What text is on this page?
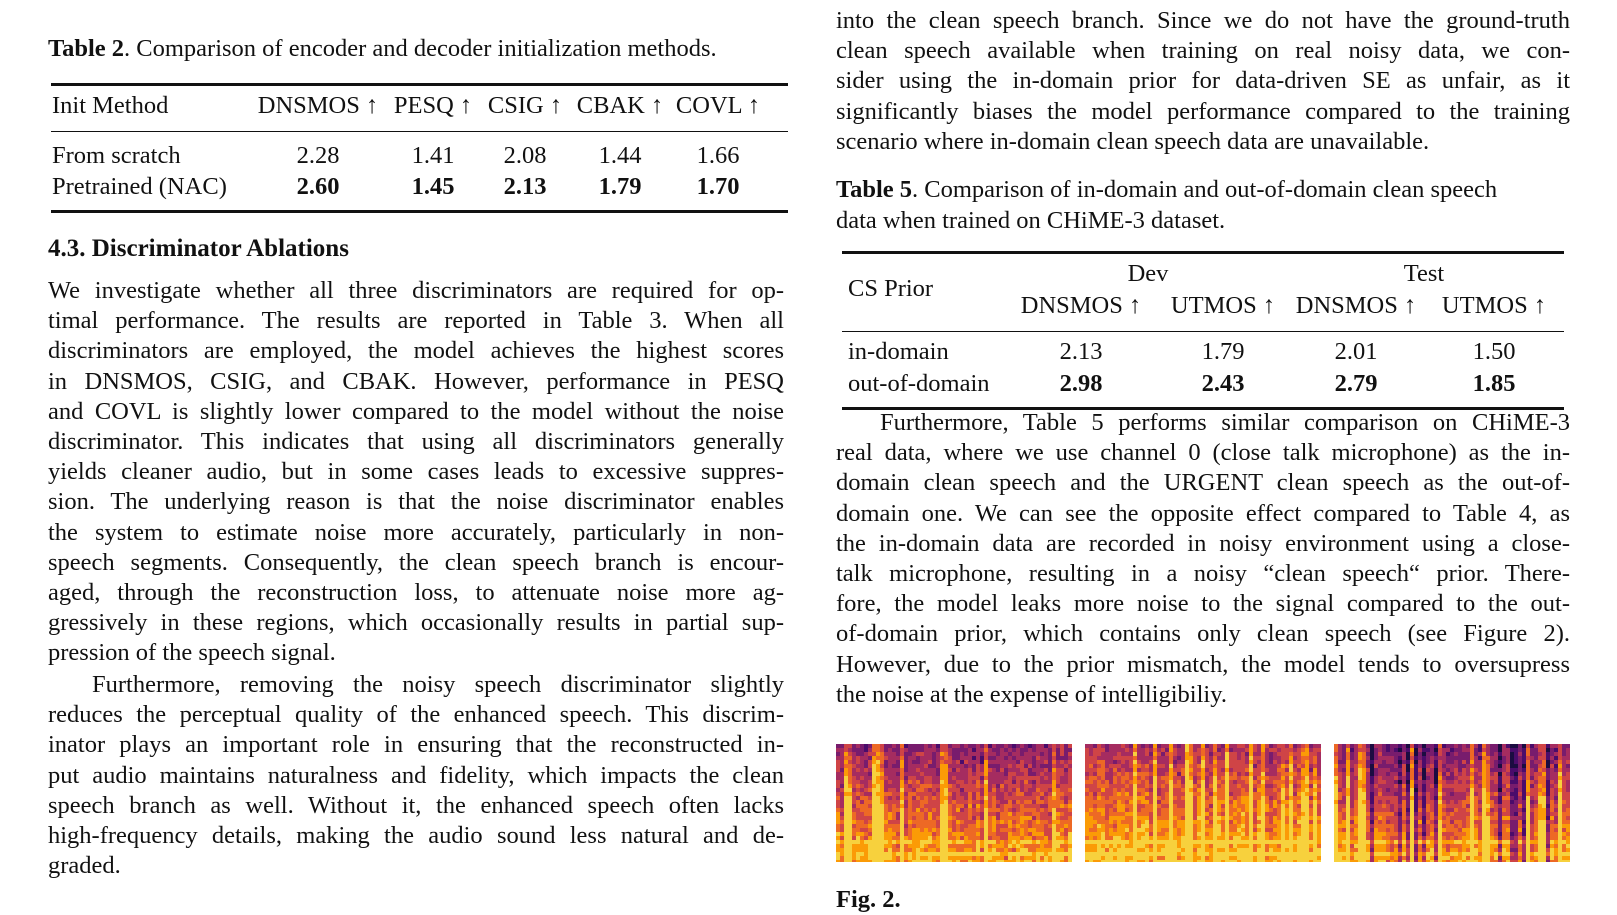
Table 2. Comparison of encoder and decoder initialization methods.
Init Method	DNSMOS ↑ PESQ ↑ CSIG ↑ CBAK ↑ COVL ↑
From scratch	2.28	1.41 2.08 1.44 1.66
Pretrained (NAC)	2.60	1.45 2.13 1.79 1.70
4.3. Discriminator Ablations
We investigate whether all three discriminators are required for op-
timal performance. The results are reported in Table 3. When all
discriminators are employed, the model achieves the highest scores
in DNSMOS, CSIG, and CBAK. However, performance in PESQ
and COVL is slightly lower compared to the model without the noise
discriminator. This indicates that using all discriminators generally
yields cleaner audio, but in some cases leads to excessive suppres-
sion. The underlying reason is that the noise discriminator enables
the system to estimate noise more accurately, particularly in non-
speech segments. Consequently, the clean speech branch is encour-
aged, through the reconstruction loss, to attenuate noise more ag-
gressively in these regions, which occasionally results in partial sup-
pression of the speech signal.
Furthermore, removing the noisy speech discriminator slightly
reduces the perceptual quality of the enhanced speech. This discrim-
inator plays an important role in ensuring that the reconstructed in-
put audio maintains naturalness and fidelity, which impacts the clean
speech branch as well. Without it, the enhanced speech often lacks
high-frequency details, making the audio sound less natural and de-
graded.
into the clean speech branch. Since we do not have the ground-truth
clean speech available when training on real noisy data, we con-
sider using the in-domain prior for data-driven SE as unfair, as it
significantly biases the model performance compared to the training
scenario where in-domain clean speech data are unavailable.
Table 5. Comparison of in-domain and out-of-domain clean speech
data when trained on CHiME-3 dataset.
CS Prior
Dev	Test
DNSMOS ↑ UTMOS ↑ DNSMOS ↑ UTMOS ↑
in-domain	2.13	1.79	2.01	1.50
out-of-domain	2.98	2.43	2.79	1.85
Furthermore, Table 5 performs similar comparison on CHiME-3
real data, where we use channel 0 (close talk microphone) as the in-
domain clean speech and the URGENT clean speech as the out-of-
domain one. We can see the opposite effect compared to Table 4, as
the in-domain data are recorded in noisy environment using a close-
talk microphone, resulting in a noisy “clean speech“ prior. There-
fore, the model leaks more noise to the signal compared to the out-
of-domain prior, which contains only clean speech (see Figure 2).
However, due to the prior mismatch, the model tends to oversupress
the noise at the expense of intelligibiliy.
Fig. 2.
